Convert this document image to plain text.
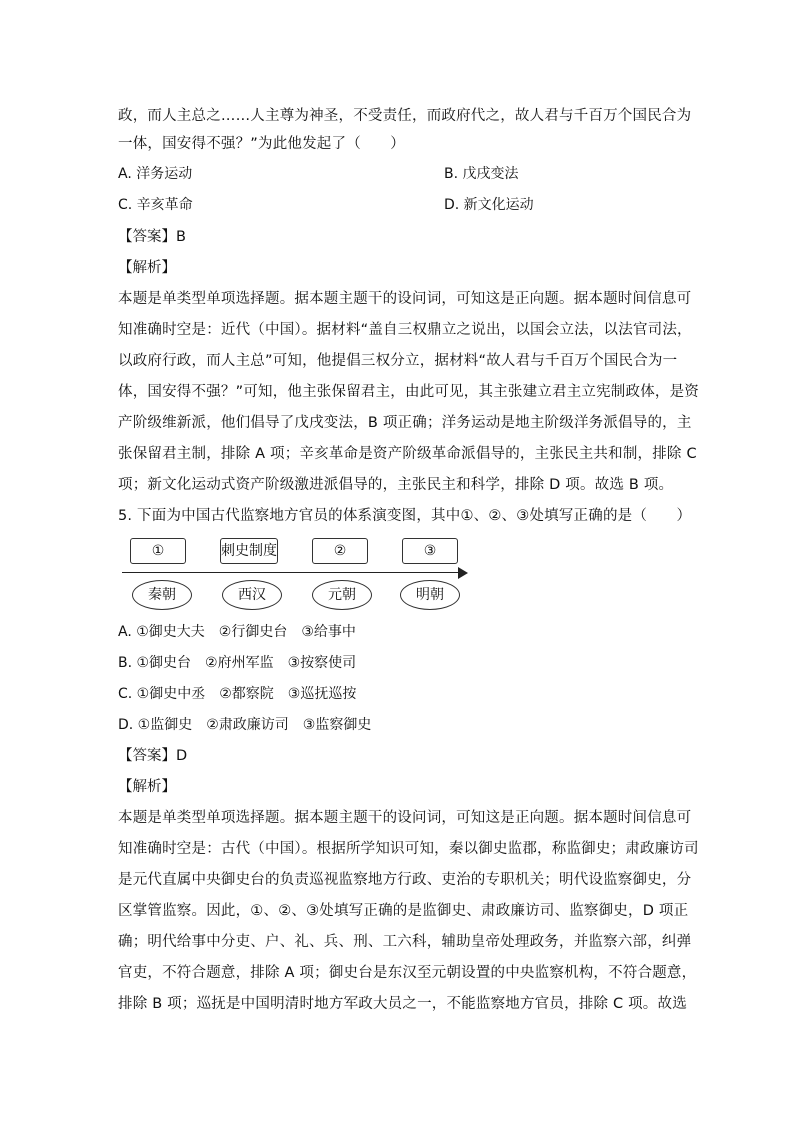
政，而人主总之……人主尊为神圣，不受责任，而政府代之，故人君与千百万个国民合为
一体，国安得不强？”为此他发起了（　　）
A. 洋务运动	B. 戊戌变法
C. 辛亥革命	D. 新文化运动
【答案】B
【解析】
本题是单类型单项选择题。据本题主题干的设问词，可知这是正向题。据本题时间信息可
知准确时空是：近代（中国）。据材料“盖自三权鼎立之说出，以国会立法，以法官司法，
以政府行政，而人主总”可知，他提倡三权分立，据材料“故人君与千百万个国民合为一
体，国安得不强？”可知，他主张保留君主，由此可见，其主张建立君主立宪制政体，是资
产阶级维新派，他们倡导了戊戌变法，B 项正确；洋务运动是地主阶级洋务派倡导的，主
张保留君主制，排除 A 项；辛亥革命是资产阶级革命派倡导的，主张民主共和制，排除 C
项；新文化运动式资产阶级激进派倡导的，主张民主和科学，排除 D 项。故选 B 项。
5. 下面为中国古代监察地方官员的体系演变图，其中①、②、③处填写正确的是（　　）
①	刺史制度	②	③
秦朝	西汉	元朝	明朝
A. ①御史大夫　②行御史台　③给事中
B. ①御史台　②府州军监　③按察使司
C. ①御史中丞　②都察院　③巡抚巡按
D. ①监御史　②肃政廉访司　③监察御史
【答案】D
【解析】
本题是单类型单项选择题。据本题主题干的设问词，可知这是正向题。据本题时间信息可
知准确时空是：古代（中国）。根据所学知识可知，秦以御史监郡，称监御史；肃政廉访司
是元代直属中央御史台的负责巡视监察地方行政、吏治的专职机关；明代设监察御史，分
区掌管监察。因此，①、②、③处填写正确的是监御史、肃政廉访司、监察御史，D 项正
确；明代给事中分吏、户、礼、兵、刑、工六科，辅助皇帝处理政务，并监察六部，纠弹
官吏，不符合题意，排除 A 项；御史台是东汉至元朝设置的中央监察机构，不符合题意，
排除 B 项；巡抚是中国明清时地方军政大员之一，不能监察地方官员，排除 C 项。故选
